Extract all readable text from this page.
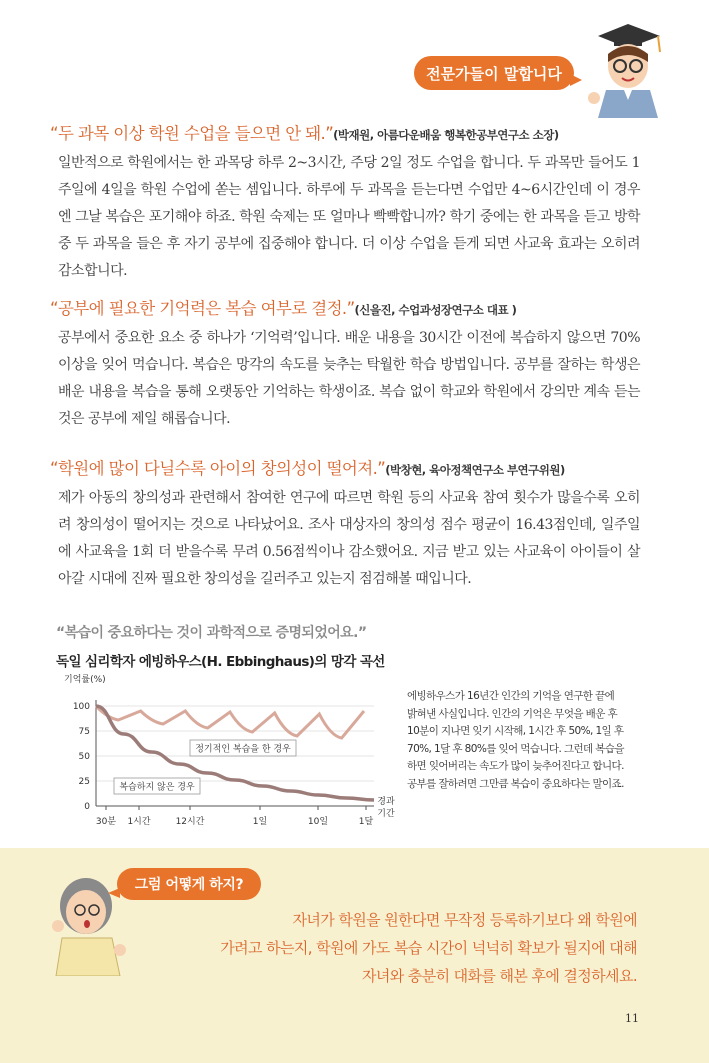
전문가들이 말합니다
“두 과목 이상 학원 수업을 들으면 안 돼.”(박재원, 아름다운배움 행복한공부연구소 소장)

일반적으로 학원에서는 한 과목당 하루 2~3시간, 주당 2일 정도 수업을 합니다. 두 과목만 들어도 1주일에 4일을 학원 수업에 쏟는 셈입니다. 하루에 두 과목을 듣는다면 수업만 4~6시간인데 이 경우엔 그날 복습은 포기해야 하죠. 학원 숙제는 또 얼마나 빡빡합니까? 학기 중에는 한 과목을 듣고 방학 중 두 과목을 들은 후 자기 공부에 집중해야 합니다. 더 이상 수업을 듣게 되면 사교육 효과는 오히려 감소합니다.

“공부에 필요한 기억력은 복습 여부로 결정.”(신을진, 수업과성장연구소 대표 )

공부에서 중요한 요소 중 하나가 ‘기억력’입니다. 배운 내용을 30시간 이전에 복습하지 않으면 70% 이상을 잊어 먹습니다. 복습은 망각의 속도를 늦추는 탁월한 학습 방법입니다. 공부를 잘하는 학생은 배운 내용을 복습을 통해 오랫동안 기억하는 학생이죠. 복습 없이 학교와 학원에서 강의만 계속 듣는 것은 공부에 제일 해롭습니다.

“학원에 많이 다닐수록 아이의 창의성이 떨어져.”(박창현, 육아정책연구소 부연구위원)

제가 아동의 창의성과 관련해서 참여한 연구에 따르면 학원 등의 사교육 참여 횟수가 많을수록 오히려 창의성이 떨어지는 것으로 나타났어요. 조사 대상자의 창의성 점수 평균이 16.43점인데, 일주일에 사교육을 1회 더 받을수록 무려 0.56점씩이나 감소했어요. 지금 받고 있는 사교육이 아이들이 살아갈 시대에 진짜 필요한 창의성을 길러주고 있는지 점검해볼 때입니다.

“복습이 중요하다는 것이 과학적으로 증명되었어요.”
독일 심리학자 에빙하우스(H. Ebbinghaus)의 망각 곡선
기억률(%)
0
25
50
75
100
30분 1시간	12시간	1일	10일	1달
경과
기간
정기적인 복습을 한 경우
복습하지 않은 경우
에빙하우스가 16년간 인간의 기억을 연구한 끝에 밝혀낸 사실입니다. 인간의 기억은 무엇을 배운 후 10분이 지나면 잊기 시작해, 1시간 후 50%, 1일 후 70%, 1달 후 80%를 잊어 먹습니다. 그런데 복습을 하면 잊어버리는 속도가 많이 늦추어진다고 합니다. 공부를 잘하려면 그만큼 복습이 중요하다는 말이죠.
그럼 어떻게 하지?
자녀가 학원을 원한다면 무작정 등록하기보다 왜 학원에
가려고 하는지, 학원에 가도 복습 시간이 넉넉히 확보가 될지에 대해
자녀와 충분히 대화를 해본 후에 결정하세요.
11
